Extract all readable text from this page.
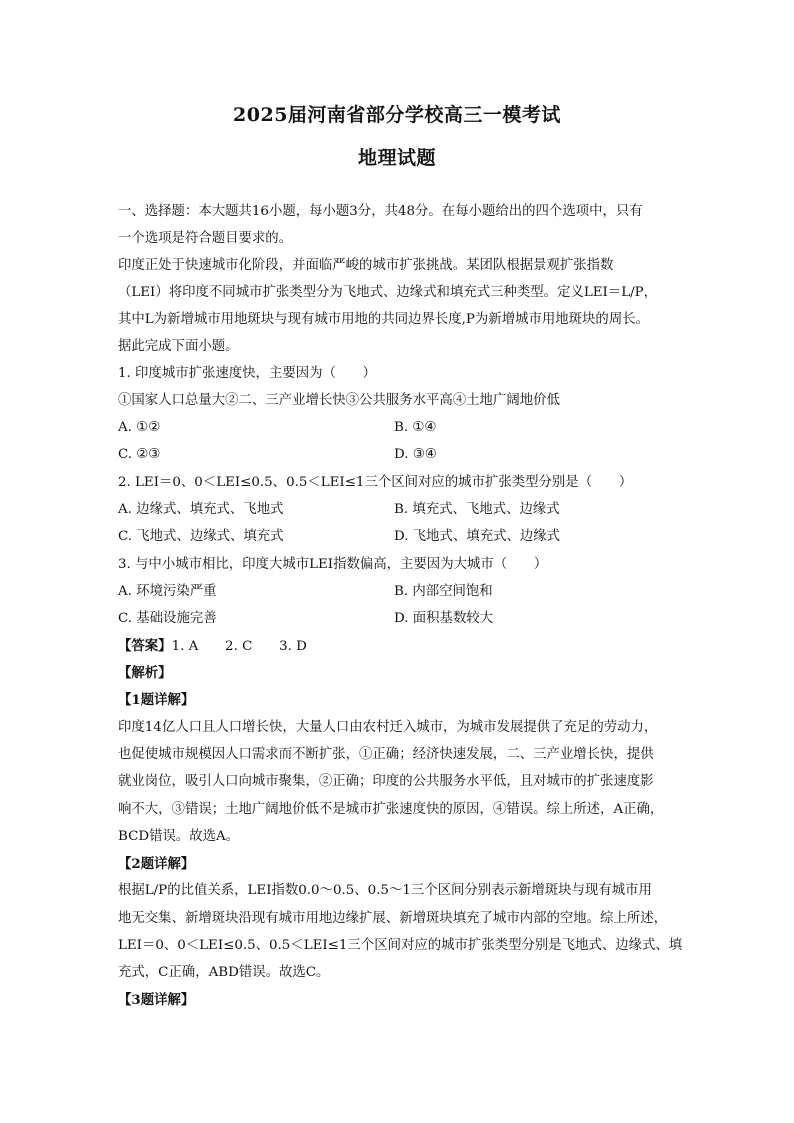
2025届河南省部分学校高三一模考试
地理试题
一、选择题：本大题共16小题，每小题3分，共48分。在每小题给出的四个选项中，只有
一个选项是符合题目要求的。
印度正处于快速城市化阶段，并面临严峻的城市扩张挑战。某团队根据景观扩张指数
（LEI）将印度不同城市扩张类型分为飞地式、边缘式和填充式三种类型。定义LEI＝L/P，
其中L为新增城市用地斑块与现有城市用地的共同边界长度,P为新增城市用地斑块的周长。
据此完成下面小题。
1. 印度城市扩张速度快，主要因为（　　）
①国家人口总量大②二、三产业增长快③公共服务水平高④土地广阔地价低
A. ①②	B. ①④
C. ②③	D. ③④
2. LEI＝0、0＜LEI≤0.5、0.5＜LEI≤1三个区间对应的城市扩张类型分别是（　　）
A. 边缘式、填充式、飞地式	B. 填充式、飞地式、边缘式
C. 飞地式、边缘式、填充式	D. 飞地式、填充式、边缘式
3. 与中小城市相比，印度大城市LEI指数偏高，主要因为大城市（　　）
A. 环境污染严重	B. 内部空间饱和
C. 基础设施完善	D. 面积基数较大
【答案】1. A　　2. C　　3. D
【解析】
【1题详解】
印度14亿人口且人口增长快，大量人口由农村迁入城市，为城市发展提供了充足的劳动力，
也促使城市规模因人口需求而不断扩张，①正确；经济快速发展，二、三产业增长快，提供
就业岗位，吸引人口向城市聚集，②正确；印度的公共服务水平低，且对城市的扩张速度影
响不大，③错误；土地广阔地价低不是城市扩张速度快的原因，④错误。综上所述，A正确，
BCD错误。故选A。
【2题详解】
根据L/P的比值关系，LEI指数0.0～0.5、0.5～1三个区间分别表示新增斑块与现有城市用
地无交集、新增斑块沿现有城市用地边缘扩展、新增斑块填充了城市内部的空地。综上所述，
LEI＝0、0＜LEI≤0.5、0.5＜LEI≤1三个区间对应的城市扩张类型分别是飞地式、边缘式、填
充式，C正确，ABD错误。故选C。
【3题详解】
